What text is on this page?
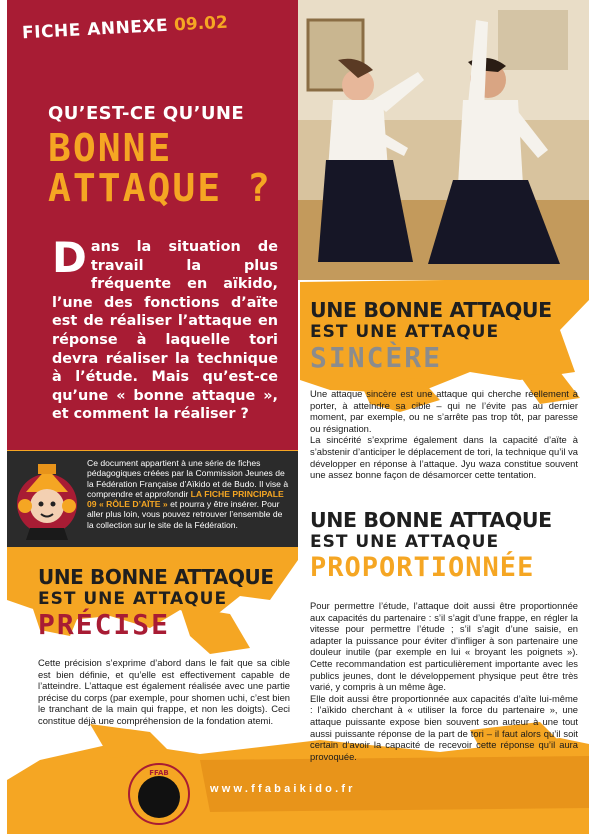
FICHE ANNEXE 09.02
QU’EST-CE QU’UNE
BONNE
ATTAQUE ?
Dans la situation de travail la plus fréquente en aïkido, l’une des fonctions d’aïte est de réaliser l’attaque en réponse à laquelle tori devra réaliser la technique à l’étude. Mais qu’est-ce qu’une « bonne attaque », et comment la réaliser ?
Ce document appartient à une série de fiches pédagogiques créées par la Commission Jeunes de la Fédération Française d’Aïkido et de Budo. Il vise à comprendre et approfondir LA FICHE PRINCIPALE 09 « RÔLE D’AÏTE » et pourra y être insérer. Pour aller plus loin, vous pouvez retrouver l’ensemble de la collection sur le site de la Fédération.
UNE BONNE ATTAQUE
EST UNE ATTAQUE
SINCÈRE

Une attaque sincère est une attaque qui cherche réellement à porter, à atteindre sa cible – qui ne l’évite pas au dernier moment, par exemple, ou ne s’arrête pas trop tôt, par paresse ou résignation.

La sincérité s’exprime également dans la capacité d’aïte à s’abstenir d’anticiper le déplacement de tori, la technique qu’il va développer en réponse à l’attaque. Jyu waza constitue souvent une assez bonne façon de désamorcer cette tentation.

UNE BONNE ATTAQUE
EST UNE ATTAQUE
PROPORTIONNÉE

Pour permettre l’étude, l’attaque doit aussi être proportionnée aux capacités du partenaire : s’il s’agit d’une frappe, en régler la vitesse pour permettre l’étude ; s’il s’agit d’une saisie, en adapter la puissance pour éviter d’infliger à son partenaire une douleur inutile (par exemple en lui « broyant les poignets »). Cette recommandation est particulièrement importante avec les publics jeunes, dont le développement physique peut être très varié, y compris à un même âge.

Elle doit aussi être proportionnée aux capacités d’aïte lui-même : l’aïkido cherchant à « utiliser la force du partenaire », une attaque puissante expose bien souvent son auteur à une tout aussi puissante réponse de la part de tori – il faut alors qu’il soit certain d’avoir la capacité de recevoir cette réponse qu’il aura provoquée.

UNE BONNE ATTAQUE
EST UNE ATTAQUE
PRÉCISE

Cette précision s’exprime d’abord dans le fait que sa cible est bien définie, et qu’elle est effectivement capable de l’atteindre. L’attaque est également réalisée avec une partie précise du corps (par exemple, pour shomen uchi, c’est bien le tranchant de la main qui frappe, et non les doigts). Ceci constitue déjà une compréhension de la fondation atemi.

FFAB
www.ffabaikido.fr
